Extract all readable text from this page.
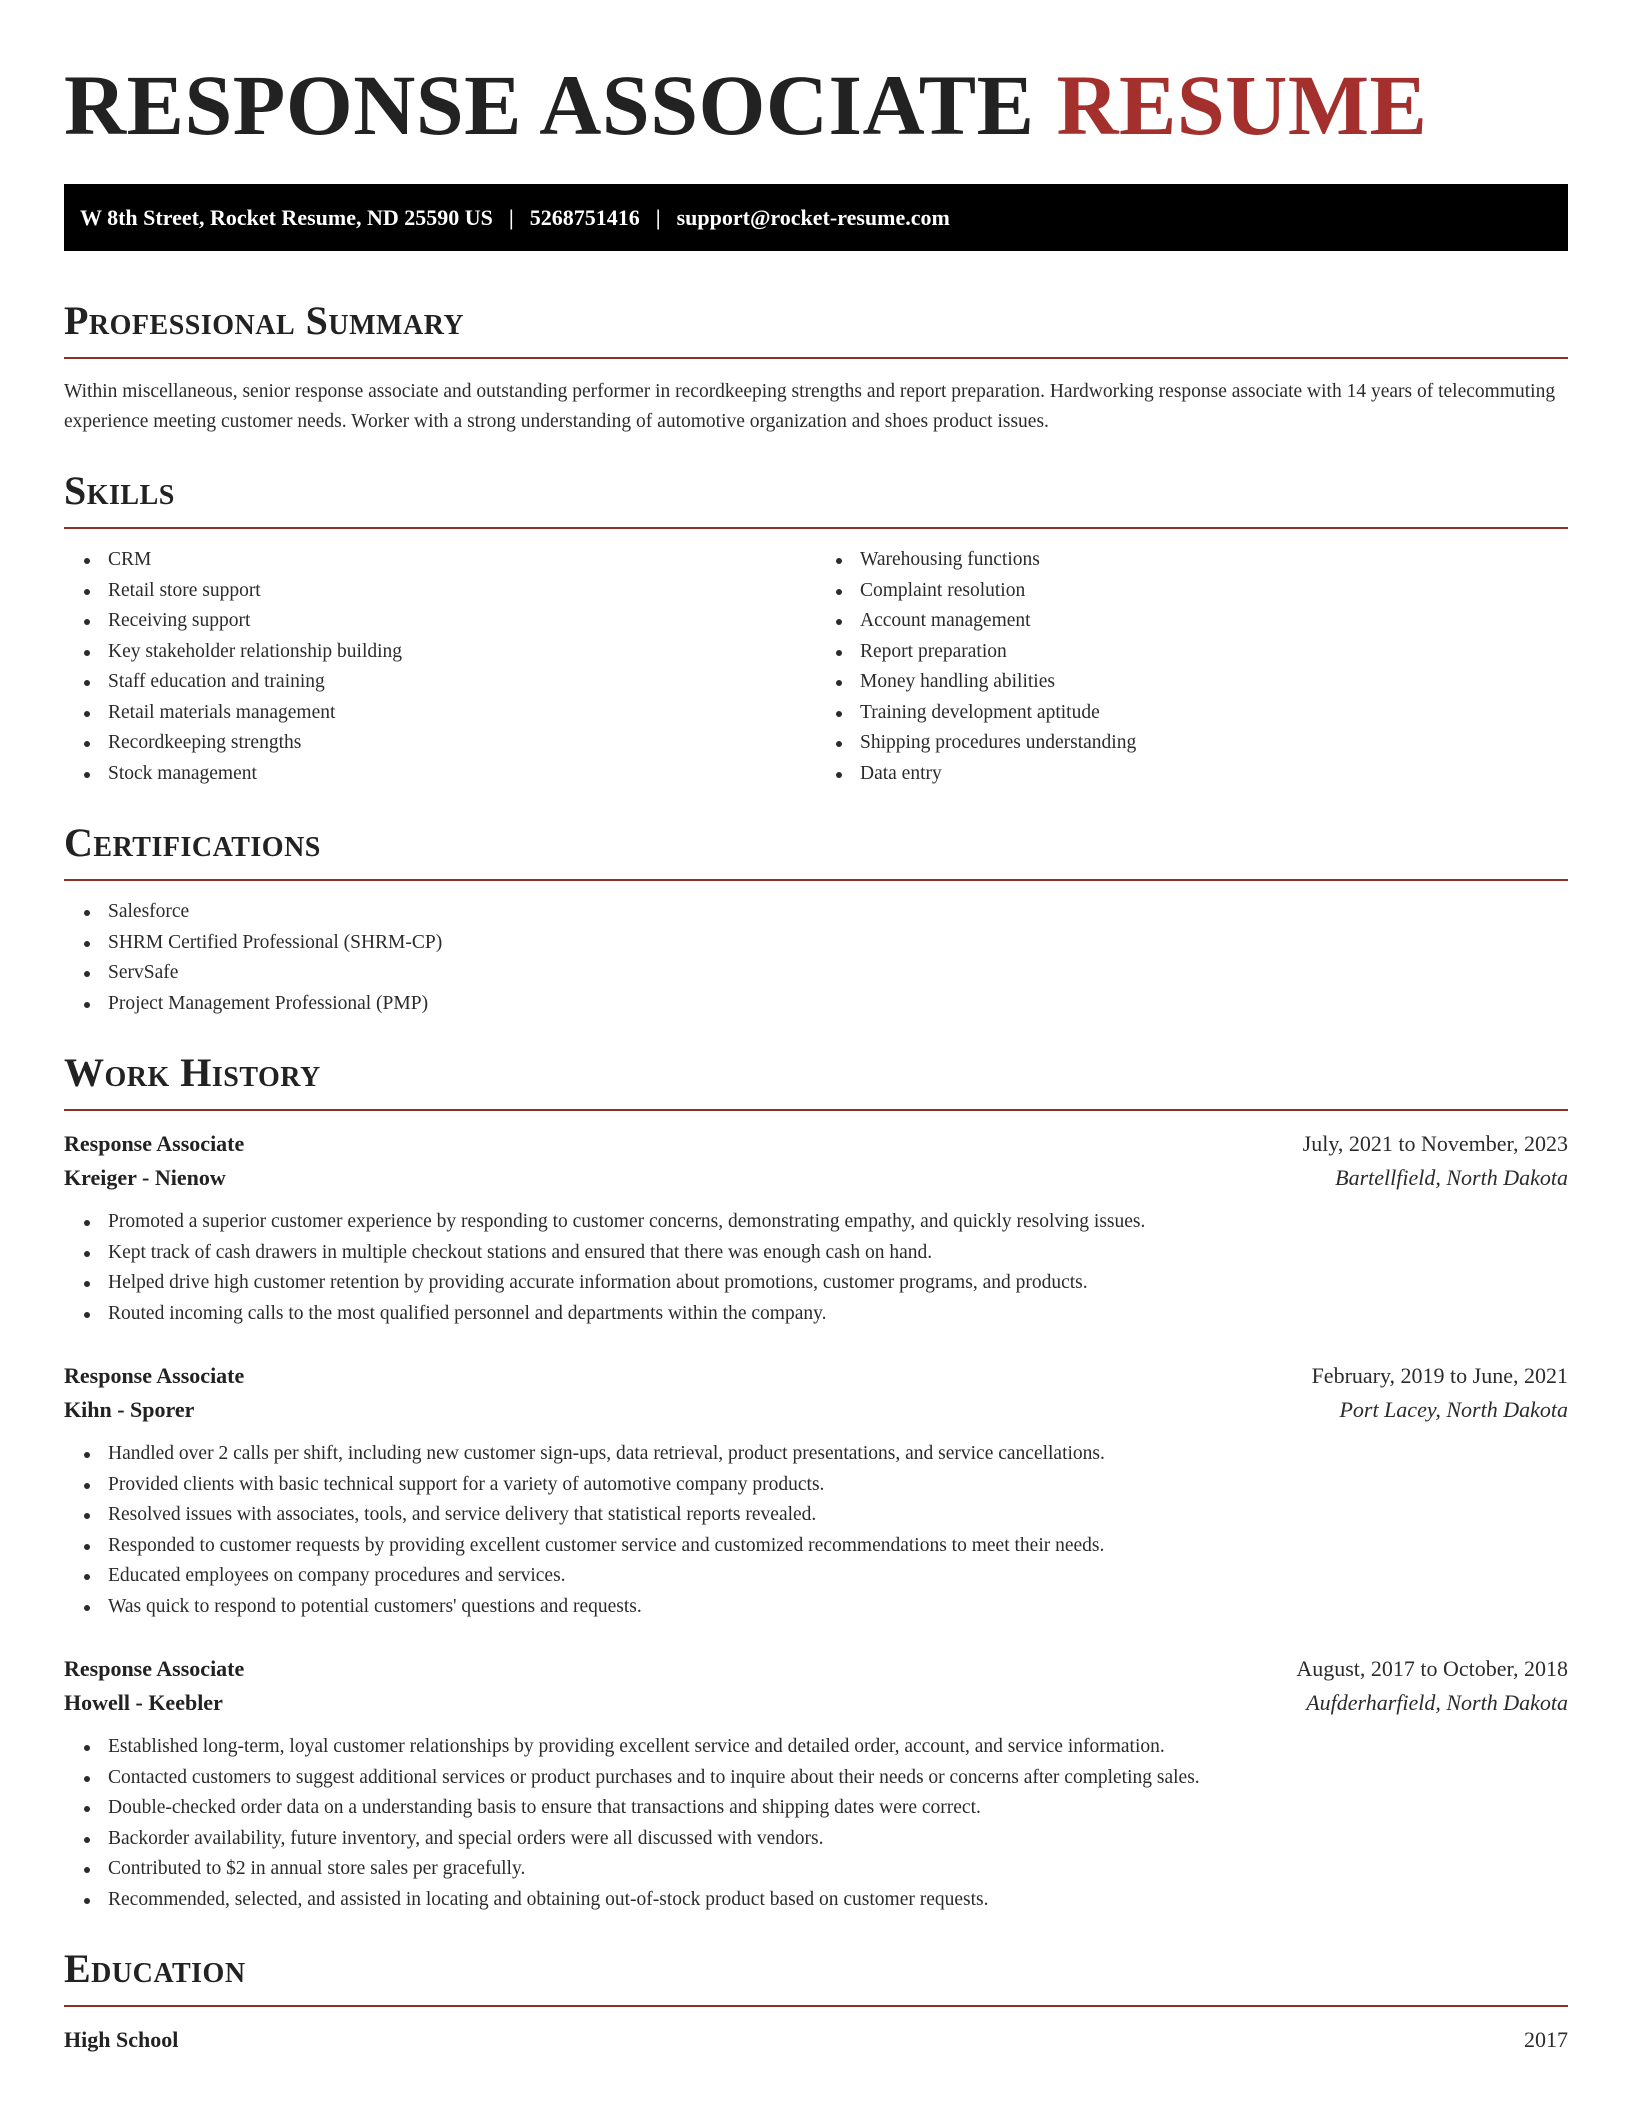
RESPONSE ASSOCIATE RESUME
W 8th Street, Rocket Resume, ND 25590 US | 5268751416 | support@rocket-resume.com
Professional Summary

Within miscellaneous, senior response associate and outstanding performer in recordkeeping strengths and report preparation. Hardworking response associate with 14 years of telecommuting experience meeting customer needs. Worker with a strong understanding of automotive organization and shoes product issues.

Skills
CRM
Retail store support
Receiving support
Key stakeholder relationship building
Staff education and training
Retail materials management
Recordkeeping strengths
Stock management
Warehousing functions
Complaint resolution
Account management
Report preparation
Money handling abilities
Training development aptitude
Shipping procedures understanding
Data entry
Certifications
Salesforce
SHRM Certified Professional (SHRM-CP)
ServSafe
Project Management Professional (PMP)
Work History
Response Associate	July, 2021 to November, 2023
Kreiger - Nienow	Bartellfield, North Dakota
Promoted a superior customer experience by responding to customer concerns, demonstrating empathy, and quickly resolving issues.
Kept track of cash drawers in multiple checkout stations and ensured that there was enough cash on hand.
Helped drive high customer retention by providing accurate information about promotions, customer programs, and products.
Routed incoming calls to the most qualified personnel and departments within the company.
Response Associate	February, 2019 to June, 2021
Kihn - Sporer	Port Lacey, North Dakota
Handled over 2 calls per shift, including new customer sign-ups, data retrieval, product presentations, and service cancellations.
Provided clients with basic technical support for a variety of automotive company products.
Resolved issues with associates, tools, and service delivery that statistical reports revealed.
Responded to customer requests by providing excellent customer service and customized recommendations to meet their needs.
Educated employees on company procedures and services.
Was quick to respond to potential customers' questions and requests.
Response Associate	August, 2017 to October, 2018
Howell - Keebler	Aufderharfield, North Dakota
Established long-term, loyal customer relationships by providing excellent service and detailed order, account, and service information.
Contacted customers to suggest additional services or product purchases and to inquire about their needs or concerns after completing sales.
Double-checked order data on a understanding basis to ensure that transactions and shipping dates were correct.
Backorder availability, future inventory, and special orders were all discussed with vendors.
Contributed to $2 in annual store sales per gracefully.
Recommended, selected, and assisted in locating and obtaining out-of-stock product based on customer requests.
Education
High School	2017
